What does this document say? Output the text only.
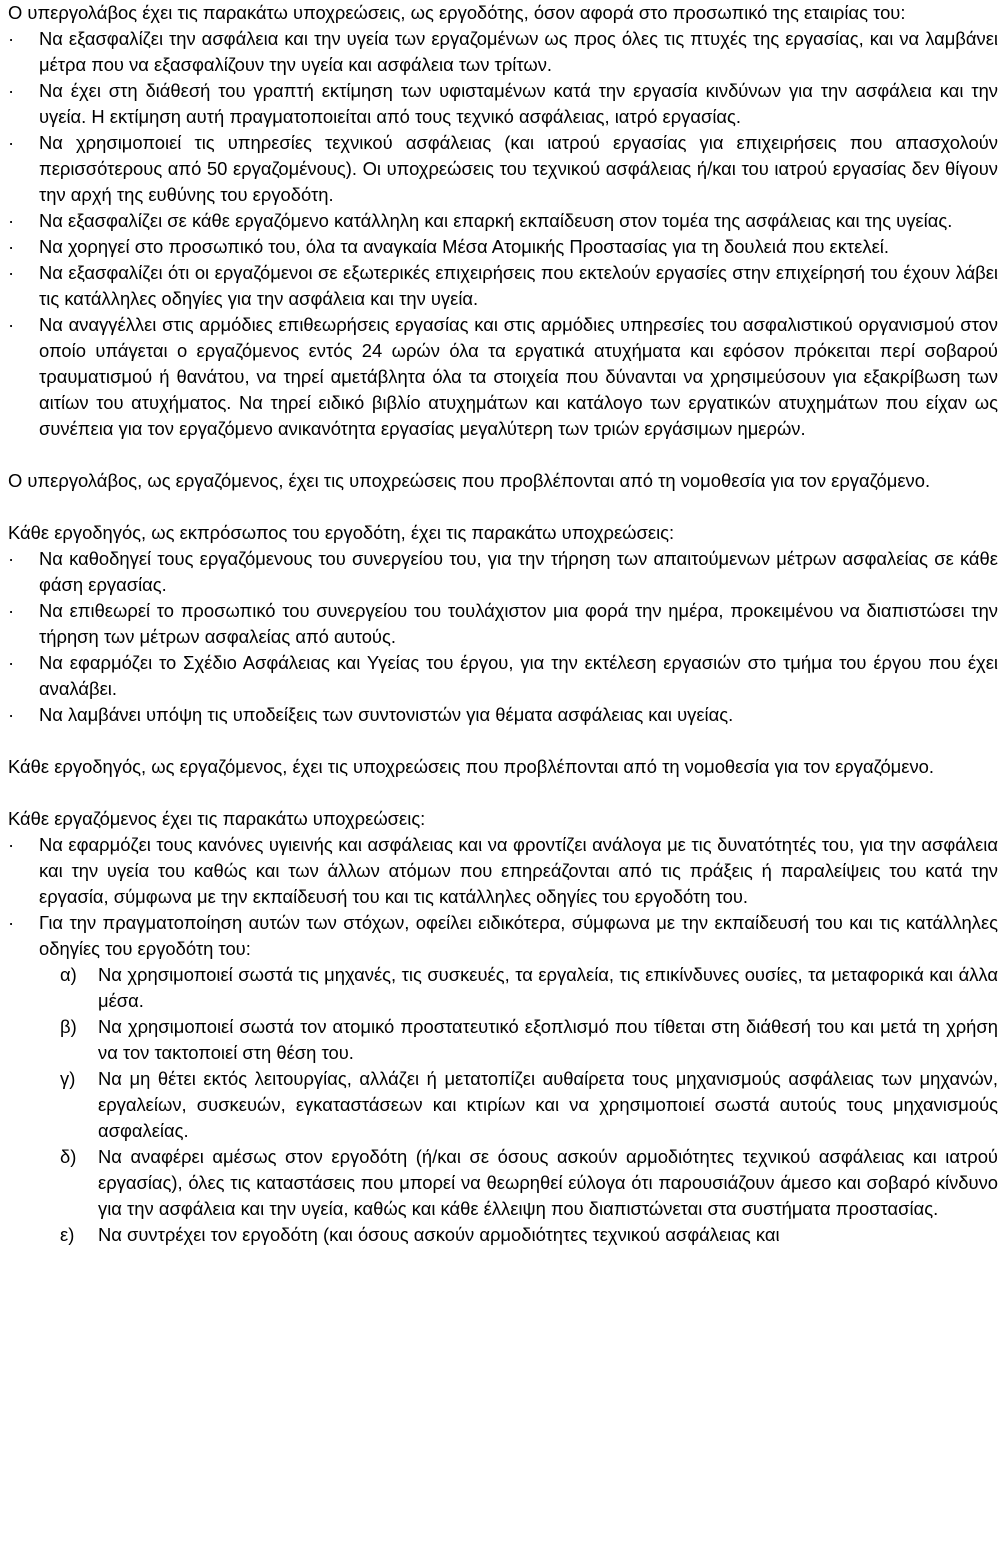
Ο υπεργολάβος έχει τις παρακάτω υποχρεώσεις, ως εργοδότης, όσον αφορά στο προσωπικό της εταιρίας του:

·	Να εξασφαλίζει την ασφάλεια και την υγεία των εργαζομένων ως προς όλες τις πτυχές της εργασίας, και να λαμβάνει μέτρα που να εξασφαλίζουν την υγεία και ασφάλεια των τρίτων.
·	Να έχει στη διάθεσή του γραπτή εκτίμηση των υφισταμένων κατά την εργασία κινδύνων για την ασφάλεια και την υγεία. Η εκτίμηση αυτή πραγματοποιείται από τους τεχνικό ασφάλειας, ιατρό εργασίας.
·	Να χρησιμοποιεί τις υπηρεσίες τεχνικού ασφάλειας (και ιατρού εργασίας για επιχειρήσεις που απασχολούν περισσότερους από 50 εργαζομένους). Οι υποχρεώσεις του τεχνικού ασφάλειας ή/και του ιατρού εργασίας δεν θίγουν την αρχή της ευθύνης του εργοδότη.
·	Να εξασφαλίζει σε κάθε εργαζόμενο κατάλληλη και επαρκή εκπαίδευση στον τομέα της ασφάλειας και της υγείας.
·	Να χορηγεί στο προσωπικό του, όλα τα αναγκαία Μέσα Ατομικής Προστασίας για τη δουλειά που εκτελεί.
·	Να εξασφαλίζει ότι οι εργαζόμενοι σε εξωτερικές επιχειρήσεις που εκτελούν εργασίες στην επιχείρησή του έχουν λάβει τις κατάλληλες οδηγίες για την ασφάλεια και την υγεία.
·	Να αναγγέλλει στις αρμόδιες επιθεωρήσεις εργασίας και στις αρμόδιες υπηρεσίες του ασφαλιστικού οργανισμού στον οποίο υπάγεται ο εργαζόμενος εντός 24 ωρών όλα τα εργατικά ατυχήματα και εφόσον πρόκειται περί σοβαρού τραυματισμού ή θανάτου, να τηρεί αμετάβλητα όλα τα στοιχεία που δύνανται να χρησιμεύσουν για εξακρίβωση των αιτίων του ατυχήματος. Να τηρεί ειδικό βιβλίο ατυχημάτων και κατάλογο των εργατικών ατυχημάτων που είχαν ως συνέπεια για τον εργαζόμενο ανικανότητα εργασίας μεγαλύτερη των τριών εργάσιμων ημερών.

Ο υπεργολάβος, ως εργαζόμενος, έχει τις υποχρεώσεις που προβλέπονται από τη νομοθεσία για τον εργαζόμενο.

Κάθε εργοδηγός, ως εκπρόσωπος του εργοδότη, έχει τις παρακάτω υποχρεώσεις:

·	Να καθοδηγεί τους εργαζόμενους του συνεργείου του, για την τήρηση των απαιτούμενων μέτρων ασφαλείας σε κάθε φάση εργασίας.
·	Να επιθεωρεί το προσωπικό του συνεργείου του τουλάχιστον μια φορά την ημέρα, προκειμένου να διαπιστώσει την τήρηση των μέτρων ασφαλείας από αυτούς.
·	Να εφαρμόζει το Σχέδιο Ασφάλειας και Υγείας του έργου, για την εκτέλεση εργασιών στο τμήμα του έργου που έχει αναλάβει.
·	Να λαμβάνει υπόψη τις υποδείξεις των συντονιστών για θέματα ασφάλειας και υγείας.

Κάθε εργοδηγός, ως εργαζόμενος, έχει τις υποχρεώσεις που προβλέπονται από τη νομοθεσία για τον εργαζόμενο.

Κάθε εργαζόμενος έχει τις παρακάτω υποχρεώσεις:

·	Να εφαρμόζει τους κανόνες υγιεινής και ασφάλειας και να φροντίζει ανάλογα με τις δυνατότητές του, για την ασφάλεια και την υγεία του καθώς και των άλλων ατόμων που επηρεάζονται από τις πράξεις ή παραλείψεις του κατά την εργασία, σύμφωνα με την εκπαίδευσή του και τις κατάλληλες οδηγίες του εργοδότη του.
·	Για την πραγματοποίηση αυτών των στόχων, οφείλει ειδικότερα, σύμφωνα με την εκπαίδευσή του και τις κατάλληλες οδηγίες του εργοδότη του:
α)	Να χρησιμοποιεί σωστά τις μηχανές, τις συσκευές, τα εργαλεία, τις επικίνδυνες ουσίες, τα μεταφορικά και άλλα μέσα.
β)	Να χρησιμοποιεί σωστά τον ατομικό προστατευτικό εξοπλισμό που τίθεται στη διάθεσή του και μετά τη χρήση να τον τακτοποιεί στη θέση του.
γ)	Να μη θέτει εκτός λειτουργίας, αλλάζει ή μετατοπίζει αυθαίρετα τους μηχανισμούς ασφάλειας των μηχανών, εργαλείων, συσκευών, εγκαταστάσεων και κτιρίων και να χρησιμοποιεί σωστά αυτούς τους μηχανισμούς ασφαλείας.
δ)	Να αναφέρει αμέσως στον εργοδότη (ή/και σε όσους ασκούν αρμοδιότητες τεχνικού ασφάλειας και ιατρού εργασίας), όλες τις καταστάσεις που μπορεί να θεωρηθεί εύλογα ότι παρουσιάζουν άμεσο και σοβαρό κίνδυνο για την ασφάλεια και την υγεία, καθώς και κάθε έλλειψη που διαπιστώνεται στα συστήματα προστασίας.
ε)	Να συντρέχει τον εργοδότη (και όσους ασκούν αρμοδιότητες τεχνικού ασφάλειας και
